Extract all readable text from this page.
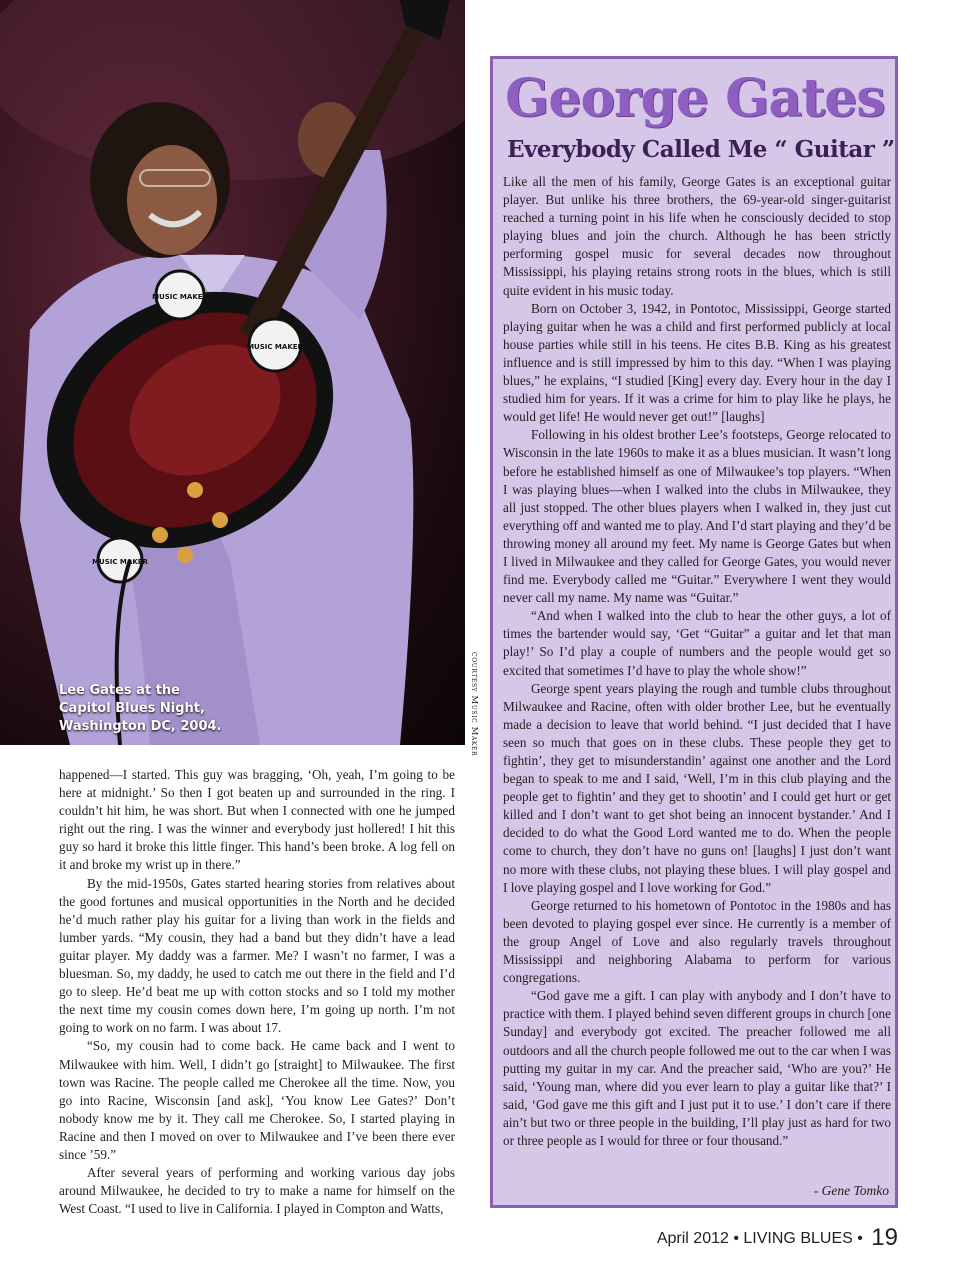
MUSIC MAKER
MUSIC MAKER
MUSIC MAKER
Lee Gates at the
Capitol Blues Night,
Washington DC, 2004.	courtesy Music Maker
George Gates
Everybody Called Me “ Guitar ”

Like all the men of his family, George Gates is an exceptional guitar player. But unlike his three brothers, the 69-year-old singer-guitarist reached a turning point in his life when he consciously decided to stop playing blues and join the church. Although he has been strictly performing gospel music for several decades now throughout Mississippi, his playing retains strong roots in the blues, which is still quite evident in his music today.

Born on October 3, 1942, in Pontotoc, Mississippi, George started playing guitar when he was a child and first performed publicly at local house parties while still in his teens. He cites B.B. King as his greatest influence and is still impressed by him to this day. “When I was playing blues,” he explains, “I studied [King] every day. Every hour in the day I studied him for years. If it was a crime for him to play like he plays, he would get life! He would never get out!” [laughs]

Following in his oldest brother Lee’s footsteps, George relocated to Wisconsin in the late 1960s to make it as a blues musician. It wasn’t long before he established himself as one of Milwaukee’s top players. “When I was playing blues—when I walked into the clubs in Milwaukee, they all just stopped. The other blues players when I walked in, they just cut everything off and wanted me to play. And I’d start playing and they’d be throwing money all around my feet. My name is George Gates but when I lived in Milwaukee and they called for George Gates, you would never find me. Everybody called me “Guitar.” Everywhere I went they would never call my name. My name was “Guitar.”

“And when I walked into the club to hear the other guys, a lot of times the bartender would say, ‘Get “Guitar” a guitar and let that man play!’ So I’d play a couple of numbers and the people would get so excited that sometimes I’d have to play the whole show!”

George spent years playing the rough and tumble clubs throughout Milwaukee and Racine, often with older brother Lee, but he eventually made a decision to leave that world behind. “I just decided that I have seen so much that goes on in these clubs. These people they get to fightin’, they get to misunderstandin’ against one another and the Lord began to speak to me and I said, ‘Well, I’m in this club playing and the people get to fightin’ and they get to shootin’ and I could get hurt or get killed and I don’t want to get shot being an innocent bystander.’ And I decided to do what the Good Lord wanted me to do. When the people come to church, they don’t have no guns on! [laughs] I just don’t want no more with these clubs, not playing these blues. I will play gospel and I love playing gospel and I love working for God.”

George returned to his hometown of Pontotoc in the 1980s and has been devoted to playing gospel ever since. He currently is a member of the group Angel of Love and also regularly travels throughout Mississippi and neighboring Alabama to perform for various congregations.

“God gave me a gift. I can play with anybody and I don’t have to practice with them. I played behind seven different groups in church [one Sunday] and everybody got excited. The preacher followed me all outdoors and all the church people followed me out to the car when I was putting my guitar in my car. And the preacher said, ‘Who are you?’ He said, ‘Young man, where did you ever learn to play a guitar like that?’ I said, ‘God gave me this gift and I just put it to use.’ I don’t care if there ain’t but two or three people in the building, I’ll play just as hard for two or three people as I would for three or four thousand.”

- Gene Tomko

happened—I started. This guy was bragging, ‘Oh, yeah, I’m going to be here at midnight.’ So then I got beaten up and surrounded in the ring. I couldn’t hit him, he was short. But when I connected with one he jumped right out the ring. I was the winner and everybody just hollered! I hit this guy so hard it broke this little finger. This hand’s been broke. A log fell on it and broke my wrist up in there.”

By the mid-1950s, Gates started hearing stories from relatives about the good fortunes and musical opportunities in the North and he decided he’d much rather play his guitar for a living than work in the fields and lumber yards. “My cousin, they had a band but they didn’t have a lead guitar player. My daddy was a farmer. Me? I wasn’t no farmer, I was a bluesman. So, my daddy, he used to catch me out there in the field and I’d go to sleep. He’d beat me up with cotton stocks and so I told my mother the next time my cousin comes down here, I’m going up north. I’m not going to work on no farm. I was about 17.

“So, my cousin had to come back. He came back and I went to Milwaukee with him. Well, I didn’t go [straight] to Milwaukee. The first town was Racine. The people called me Cherokee all the time. Now, you go into Racine, Wisconsin [and ask], ‘You know Lee Gates?’ Don’t nobody know me by it. They call me Cherokee. So, I started playing in Racine and then I moved on over to Milwaukee and I’ve been there ever since ’59.”

After several years of performing and working various day jobs around Milwaukee, he decided to try to make a name for himself on the West Coast. “I used to live in California. I played in Compton and Watts,

April 2012 • LIVING BLUES • 19
